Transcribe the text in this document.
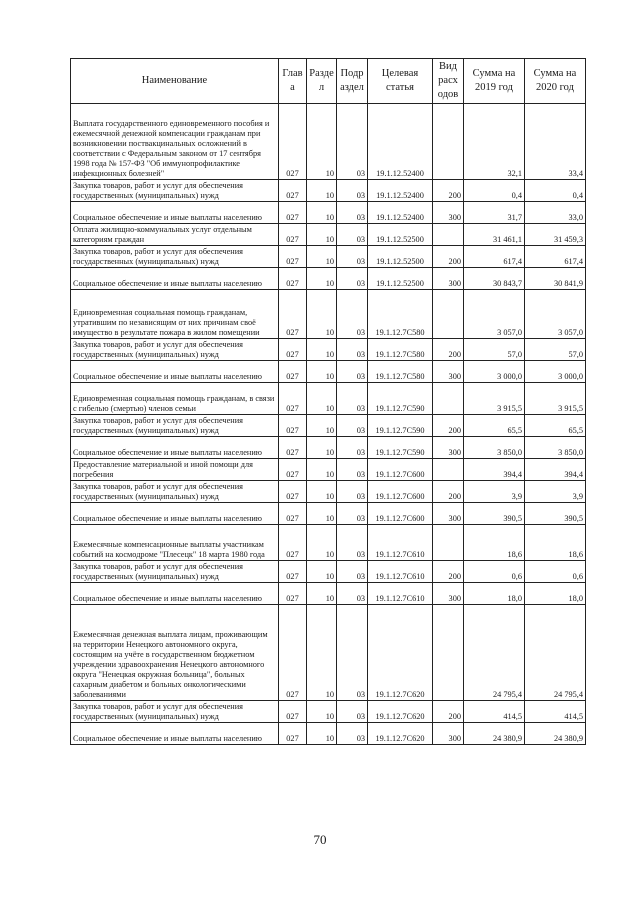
Наименование	Глав а	Разде л	Подр аздел	Целевая статья	Вид расх одов	Сумма на 2019 год	Сумма на 2020 год

Выплата государственного единовременного пособия и ежемесячной денежной компенсации гражданам при возникновении поствакцинальных осложнений в соответствии с Федеральным законом от 17 сентября 1998 года № 157-ФЗ "Об иммунопрофилактике инфекционных болезней"	027	10	03	19.1.12.52400		32,1	33,4

Закупка товаров, работ и услуг для обеспечения государственных (муниципальных) нужд	027	10	03	19.1.12.52400	200	0,4	0,4

Социальное обеспечение и иные выплаты населению	027	10	03	19.1.12.52400	300	31,7	33,0

Оплата жилищно-коммунальных услуг отдельным категориям граждан	027	10	03	19.1.12.52500		31 461,1	31 459,3

Закупка товаров, работ и услуг для обеспечения государственных (муниципальных) нужд	027	10	03	19.1.12.52500	200	617,4	617,4

Социальное обеспечение и иные выплаты населению	027	10	03	19.1.12.52500	300	30 843,7	30 841,9

Единовременная социальная помощь гражданам, утратившим по независящим от них причинам своё имущество в результате пожара в жилом помещении	027	10	03	19.1.12.7С580		3 057,0	3 057,0

Закупка товаров, работ и услуг для обеспечения государственных (муниципальных) нужд	027	10	03	19.1.12.7С580	200	57,0	57,0

Социальное обеспечение и иные выплаты населению	027	10	03	19.1.12.7С580	300	3 000,0	3 000,0

Единовременная социальная помощь гражданам, в связи с гибелью (смертью) членов семьи	027	10	03	19.1.12.7С590		3 915,5	3 915,5

Закупка товаров, работ и услуг для обеспечения государственных (муниципальных) нужд	027	10	03	19.1.12.7С590	200	65,5	65,5

Социальное обеспечение и иные выплаты населению	027	10	03	19.1.12.7С590	300	3 850,0	3 850,0

Предоставление материальной и иной помощи для погребения	027	10	03	19.1.12.7С600		394,4	394,4

Закупка товаров, работ и услуг для обеспечения государственных (муниципальных) нужд	027	10	03	19.1.12.7С600	200	3,9	3,9

Социальное обеспечение и иные выплаты населению	027	10	03	19.1.12.7С600	300	390,5	390,5

Ежемесячные компенсационные выплаты участникам событий на космодроме "Плесецк" 18 марта 1980 года	027	10	03	19.1.12.7С610		18,6	18,6

Закупка товаров, работ и услуг для обеспечения государственных (муниципальных) нужд	027	10	03	19.1.12.7С610	200	0,6	0,6

Социальное обеспечение и иные выплаты населению	027	10	03	19.1.12.7С610	300	18,0	18,0

Ежемесячная денежная выплата лицам, проживающим на территории Ненецкого автономного округа, состоящим на учёте в государственном бюджетном учреждении здравоохранения Ненецкого автономного округа "Ненецкая окружная больница", больных сахарным диабетом и больных онкологическими заболеваниями	027	10	03	19.1.12.7С620		24 795,4	24 795,4

Закупка товаров, работ и услуг для обеспечения государственных (муниципальных) нужд	027	10	03	19.1.12.7С620	200	414,5	414,5

Социальное обеспечение и иные выплаты населению	027	10	03	19.1.12.7С620	300	24 380,9	24 380,9
70
